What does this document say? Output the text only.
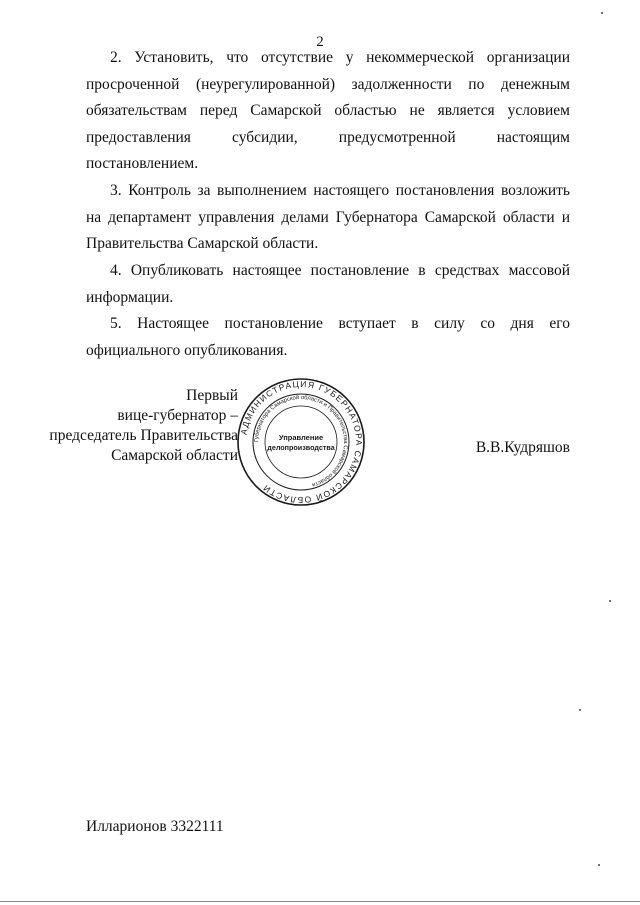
2
2. Установить, что отсутствие у некоммерческой организации просроченной (неурегулированной) задолженности по денежным обязательствам перед Самарской областью не является условием предоставления субсидии, предусмотренной настоящим постановлением.
3. Контроль за выполнением настоящего постановления возложить на департамент управления делами Губернатора Самарской области и Правительства Самарской области.
4. Опубликовать настоящее постановление в средствах массовой информации.
5. Настоящее постановление вступает в силу со дня его официального опубликования.
Первый
вице-губернатор –
председатель Правительства
Самарской области
АДМИНИСТРАЦИЯ ГУБЕРНАТОРА САМАРСКОЙ ОБЛАСТИ
Губернатора Самарской области и Правительства Самарской области
Управление
делопроизводства	В.В.Кудряшов
Илларионов 3322111
